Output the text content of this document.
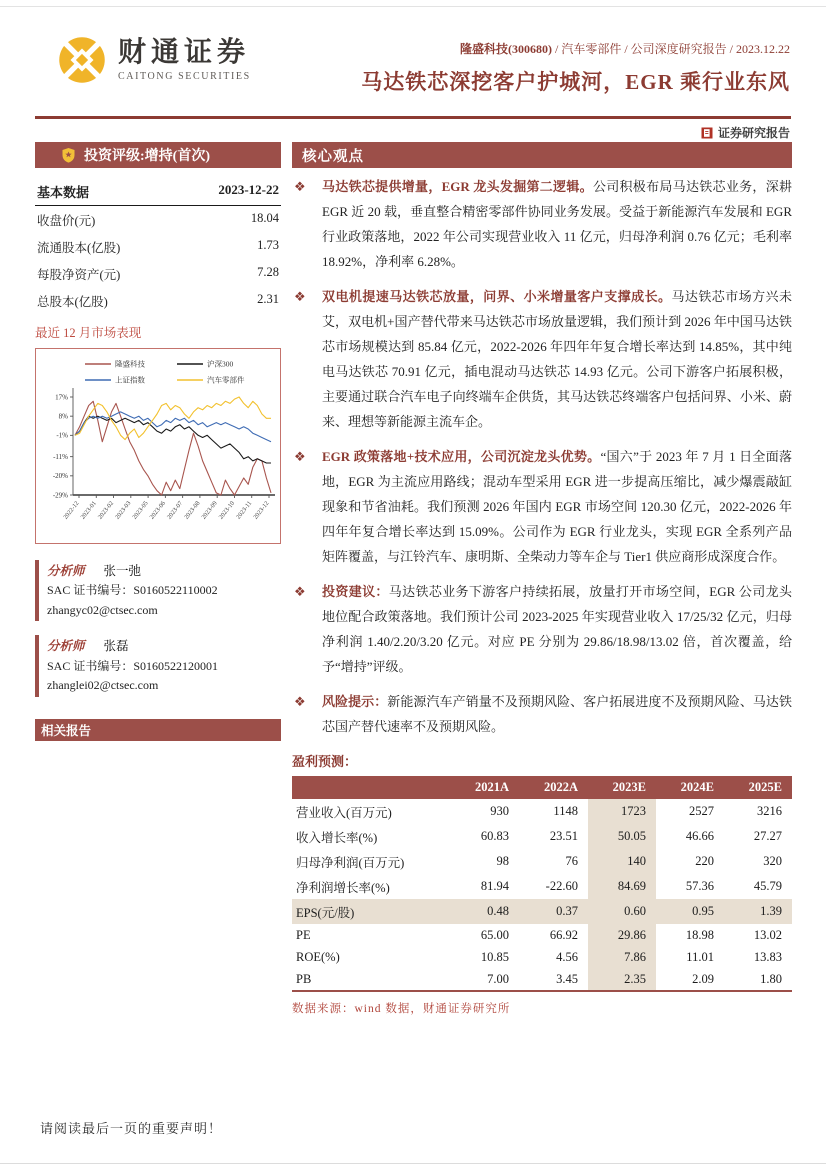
财通证券
CAITONG SECURITIES
隆盛科技(300680) / 汽车零部件 / 公司深度研究报告 / 2023.12.22
马达铁芯深挖客户护城河，EGR 乘行业东风
证券研究报告
投资评级:增持(首次)
基本数据	2023-12-22
收盘价(元)	18.04
流通股本(亿股)	1.73
每股净资产(元)	7.28
总股本(亿股)	2.31
最近 12 月市场表现
隆盛科技	沪深300
上证指数	汽车零部件
17%
8%
-1%
-11%
-20%
-29%
2022-12
2023-01
2023-02
2023-03
2023-05
2023-06
2023-07
2023-08
2023-09
2023-10
2023-11
2023-12
分析师 张一弛
SAC 证书编号：S0160522110002
zhangyc02@ctsec.com
分析师 张磊
SAC 证书编号：S0160522120001
zhanglei02@ctsec.com
相关报告
核心观点
❖ 马达铁芯提供增量，EGR 龙头发掘第二逻辑。公司积极布局马达铁芯业务，深耕 EGR 近 20 载，垂直整合精密零部件协同业务发展。受益于新能源汽车发展和 EGR 行业政策落地，2022 年公司实现营业收入 11 亿元，归母净利润 0.76 亿元；毛利率 18.92%，净利率 6.28%。
❖ 双电机提速马达铁芯放量，问界、小米增量客户支撑成长。马达铁芯市场方兴未艾，双电机+国产替代带来马达铁芯市场放量逻辑，我们预计到 2026 年中国马达铁芯市场规模达到 85.84 亿元，2022-2026 年四年年复合增长率达到 14.85%，其中纯电马达铁芯 70.91 亿元，插电混动马达铁芯 14.93 亿元。公司下游客户拓展积极，主要通过联合汽车电子向终端车企供货，其马达铁芯终端客户包括问界、小米、蔚来、理想等新能源主流车企。
❖ EGR 政策落地+技术应用，公司沉淀龙头优势。“国六”于 2023 年 7 月 1 日全面落地，EGR 为主流应用路线；混动车型采用 EGR 进一步提高压缩比，减少爆震敲缸现象和节省油耗。我们预测 2026 年国内 EGR 市场空间 120.30 亿元，2022-2026 年四年年复合增长率达到 15.09%。公司作为 EGR 行业龙头，实现 EGR 全系列产品矩阵覆盖，与江铃汽车、康明斯、全柴动力等车企与 Tier1 供应商形成深度合作。
❖ 投资建议：马达铁芯业务下游客户持续拓展，放量打开市场空间，EGR 公司龙头地位配合政策落地。我们预计公司 2023-2025 年实现营业收入 17/25/32 亿元，归母净利润 1.40/2.20/3.20 亿元。对应 PE 分别为 29.86/18.98/13.02 倍，首次覆盖，给予“增持”评级。
❖ 风险提示：新能源汽车产销量不及预期风险、客户拓展进度不及预期风险、马达铁芯国产替代速率不及预期风险。
盈利预测：
	2021A	2022A	2023E	2024E	2025E
营业收入(百万元)	930	1148	1723	2527	3216
收入增长率(%)	60.83	23.51	50.05	46.66	27.27
归母净利润(百万元)	98	76	140	220	320
净利润增长率(%)	81.94	-22.60	84.69	57.36	45.79
EPS(元/股)	0.48	0.37	0.60	0.95	1.39
PE	65.00	66.92	29.86	18.98	13.02
ROE(%)	10.85	4.56	7.86	11.01	13.83
PB	7.00	3.45	2.35	2.09	1.80
数据来源：wind 数据，财通证券研究所
请阅读最后一页的重要声明！
